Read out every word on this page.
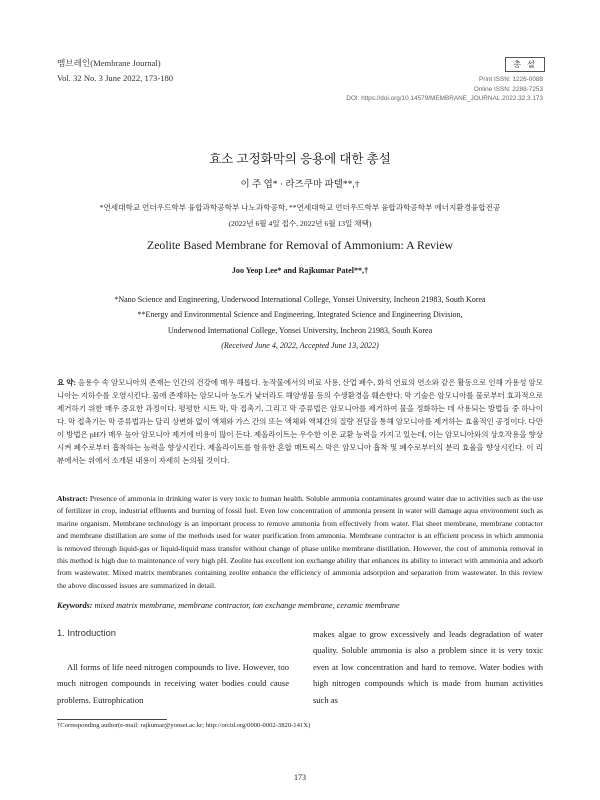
멤브레인(Membrane Journal)
Vol. 32 No. 3 June 2022, 173-180
총 설
Print ISSN: 1226-0088
Online ISSN: 2288-7253
DOI: https://doi.org/10.14579/MEMBRANE_JOURNAL.2022.32.3.173
효소 고정화막의 응용에 대한 총설
이 주 엽* · 라즈쿠마 파텔**,†
*연세대학교 언더우드학부 융합과학공학부 나노과학공학, **연세대학교 언더우드학부 융합과학공학부 에너지환경융합전공
(2022년 6월 4일 접수, 2022년 6월 13일 채택)
Zeolite Based Membrane for Removal of Ammonium: A Review
Joo Yeop Lee* and Rajkumar Patel**,†
*Nano Science and Engineering, Underwood International College, Yonsei University, Incheon 21983, South Korea
**Energy and Environmental Science and Engineering, Integrated Science and Engineering Division,
Underwood International College, Yonsei University, Incheon 21983, South Korea
(Received June 4, 2022, Accepted June 13, 2022)
요 약: 음용수 속 암모니아의 존재는 인간의 건강에 매우 해롭다. 농작물에서의 비료 사용, 산업 폐수, 화석 연료의 연소와 같은 활동으로 인해 가용성 암모니아는 지하수를 오염시킨다. 물에 존재하는 암모니아 농도가 낮더라도 해양생물 등의 수생환경을 훼손한다. 막 기술은 암모니아를 물로부터 효과적으로 제거하기 위한 매우 중요한 과정이다. 평평한 시트 막, 막 접촉기, 그리고 막 증류법은 암모니아를 제거하여 물을 정화하는 데 사용되는 방법들 중 하나이다. 막 접촉기는 막 증류법과는 달리 상변화 없이 액체와 가스 간의 또는 액체와 액체간의 질량 전달을 통해 암모니아를 제거하는 효율적인 공정이다. 다만 이 방법은 pH가 매우 높아 암모니아 제거에 비용이 많이 든다. 제올라이트는 우수한 이온 교환 능력을 가지고 있는데, 이는 암모니아와의 상호작용을 향상시켜 폐수로부터 흡착하는 능력을 향상시킨다. 제올라이트를 함유한 혼합 매트릭스 막은 암모니아 흡착 및 폐수로부터의 분리 효율을 향상시킨다. 이 리뷰에서는 위에서 소개된 내용이 자세히 논의될 것이다.
Abstract: Presence of ammonia in drinking water is very toxic to human health. Soluble ammonia contaminates ground water due to activities such as the use of fertilizer in crop, industrial effluents and burning of fossil fuel. Even low concentration of ammonia present in water will damage aqua environment such as marine organism. Membrane technology is an important process to remove ammonia from effectively from water. Flat sheet membrane, membrane contactor and membrane distillation are some of the methods used for water purification from ammonia. Membrane contractor is an efficient process in which ammonia is removed through liquid-gas or liquid-liquid mass transfer without change of phase unlike membrane distillation. However, the cost of ammonia removal in this method is high due to maintenance of very high pH. Zeolite has excellent ion exchange ability that enhances its ability to interact with ammonia and adsorb from wastewater. Mixed matrix membranes containing zeolite enhance the efficiency of ammonia adsorption and separation from wastewater. In this review the above discussed issues are summarized in detail.
Keywords: mixed matrix membrane, membrane contractor, ion exchange membrane, ceramic membrane
1. Introduction
All forms of life need nitrogen compounds to live. However, too much nitrogen compounds in receiving water bodies could cause problems. Eutrophication
makes algae to grow excessively and leads degradation of water quality. Soluble ammonia is also a problem since it is very toxic even at low concentration and hard to remove. Water bodies with high nitrogen compounds which is made from human activities such as
†Corresponding author(e-mail: rajkumar@yonsei.ac.kr; http://orcid.org/0000-0002-3820-141X)
173
